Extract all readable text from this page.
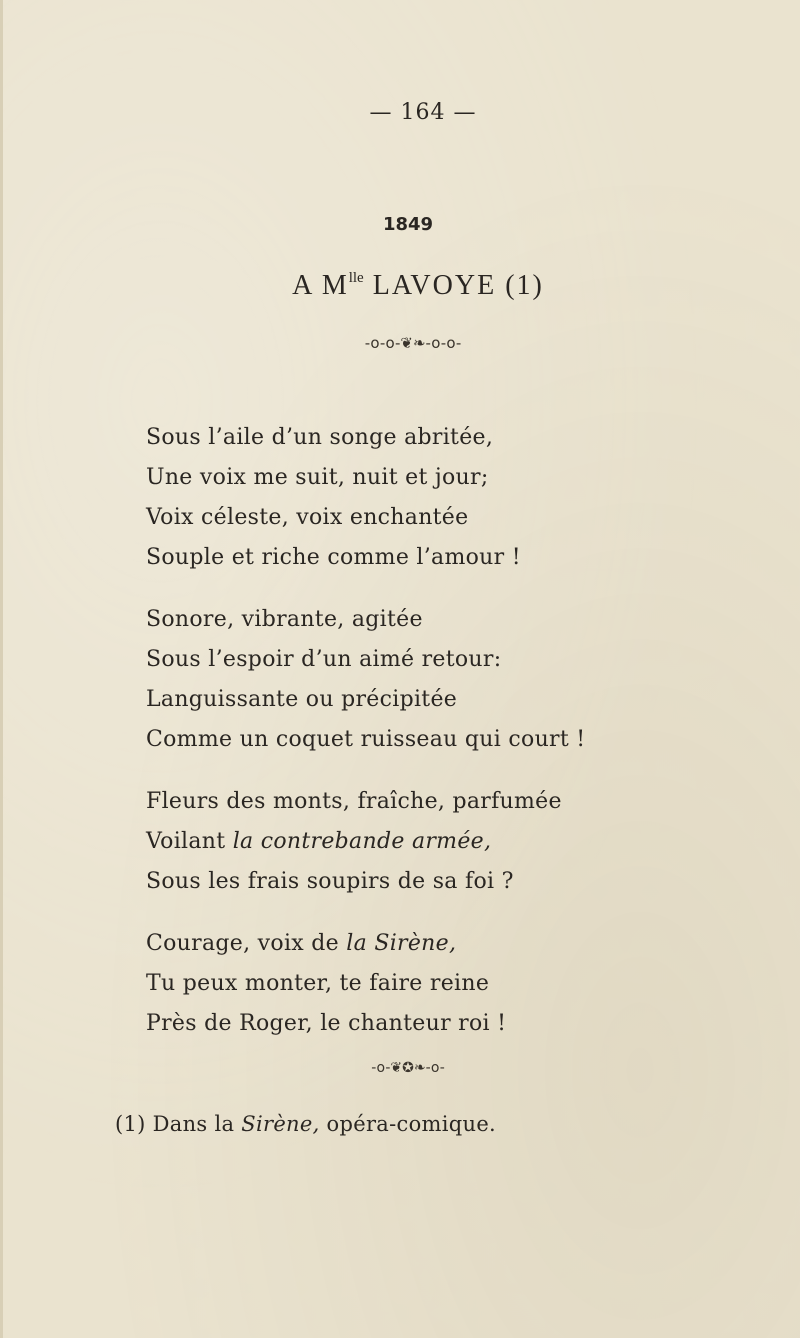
— 164 —
1849
A $M^{lle}$ LAVOYE (1)
-o-o-❦❧-o-o-
Sous l’aile d’un songe abritée,
Une voix me suit, nuit et jour;
Voix céleste, voix enchantée
Souple et riche comme l’amour !
Sonore, vibrante, agitée
Sous l’espoir d’un aimé retour:
Languissante ou précipitée
Comme un coquet ruisseau qui court !
Fleurs des monts, fraîche, parfumée
Voilant la contrebande armée,
Sous les frais soupirs de sa foi ?
Courage, voix de la Sirène,
Tu peux monter, te faire reine
Près de Roger, le chanteur roi !
-o-❦✪❧-o-
(1) Dans la Sirène, opéra-comique.
